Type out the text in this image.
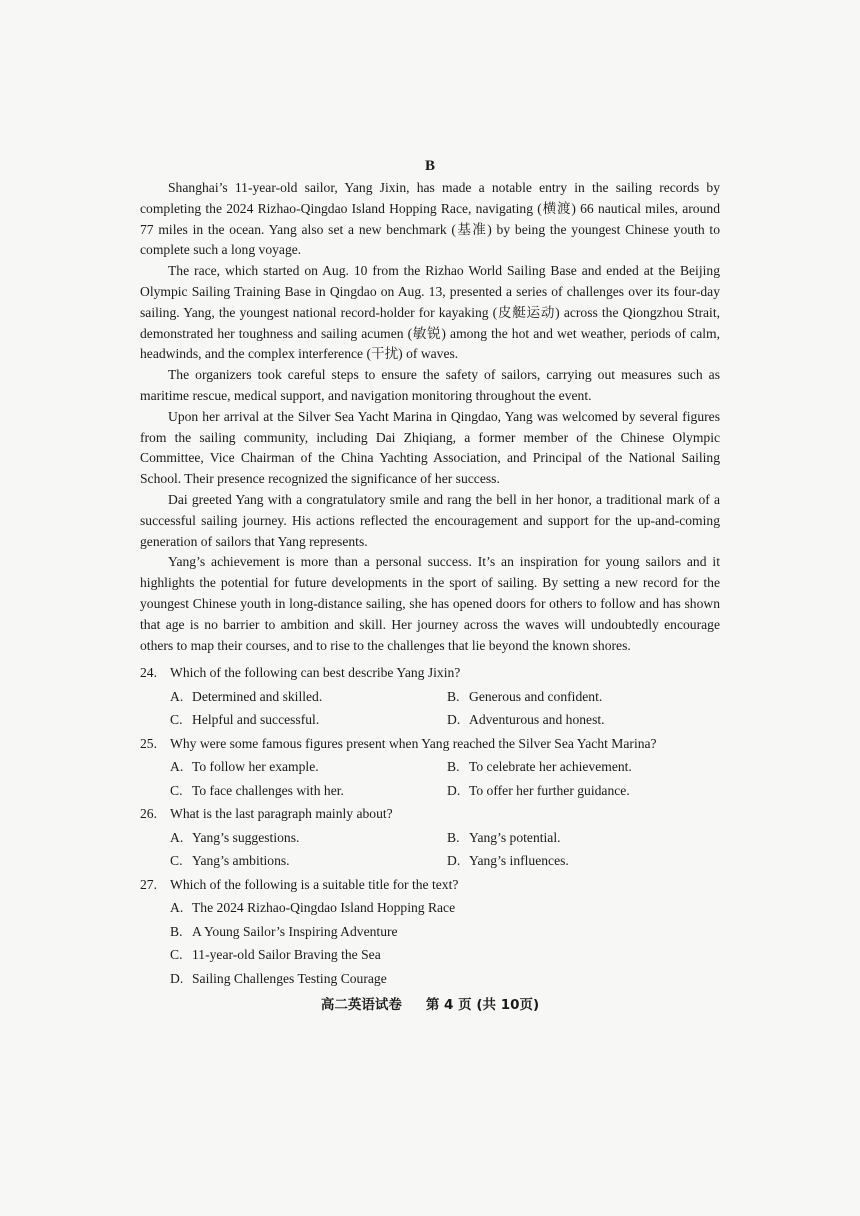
B

Shanghai’s 11-year-old sailor, Yang Jixin, has made a notable entry in the sailing records by completing the 2024 Rizhao-Qingdao Island Hopping Race, navigating (横渡) 66 nautical miles, around 77 miles in the ocean. Yang also set a new benchmark (基准) by being the youngest Chinese youth to complete such a long voyage.

The race, which started on Aug. 10 from the Rizhao World Sailing Base and ended at the Beijing Olympic Sailing Training Base in Qingdao on Aug. 13, presented a series of challenges over its four-day sailing. Yang, the youngest national record-holder for kayaking (皮艇运动) across the Qiongzhou Strait, demonstrated her toughness and sailing acumen (敏锐) among the hot and wet weather, periods of calm, headwinds, and the complex interference (干扰) of waves.

The organizers took careful steps to ensure the safety of sailors, carrying out measures such as maritime rescue, medical support, and navigation monitoring throughout the event.

Upon her arrival at the Silver Sea Yacht Marina in Qingdao, Yang was welcomed by several figures from the sailing community, including Dai Zhiqiang, a former member of the Chinese Olympic Committee, Vice Chairman of the China Yachting Association, and Principal of the National Sailing School. Their presence recognized the significance of her success.

Dai greeted Yang with a congratulatory smile and rang the bell in her honor, a traditional mark of a successful sailing journey. His actions reflected the encouragement and support for the up-and-coming generation of sailors that Yang represents.

Yang’s achievement is more than a personal success. It’s an inspiration for young sailors and it highlights the potential for future developments in the sport of sailing. By setting a new record for the youngest Chinese youth in long-distance sailing, she has opened doors for others to follow and has shown that age is no barrier to ambition and skill. Her journey across the waves will undoubtedly encourage others to map their courses, and to rise to the challenges that lie beyond the known shores.

24. Which of the following can best describe Yang Jixin?
A. Determined and skilled.	B. Generous and confident.
C. Helpful and successful.	D. Adventurous and honest.
25. Why were some famous figures present when Yang reached the Silver Sea Yacht Marina?
A. To follow her example.	B. To celebrate her achievement.
C. To face challenges with her.	D. To offer her further guidance.
26. What is the last paragraph mainly about?
A. Yang’s suggestions.	B. Yang’s potential.
C. Yang’s ambitions.	D. Yang’s influences.
27. Which of the following is a suitable title for the text?
A. The 2024 Rizhao-Qingdao Island Hopping Race
B. A Young Sailor’s Inspiring Adventure
C. 11-year-old Sailor Braving the Sea
D. Sailing Challenges Testing Courage
高二英语试卷 第 4 页 (共 10页)
